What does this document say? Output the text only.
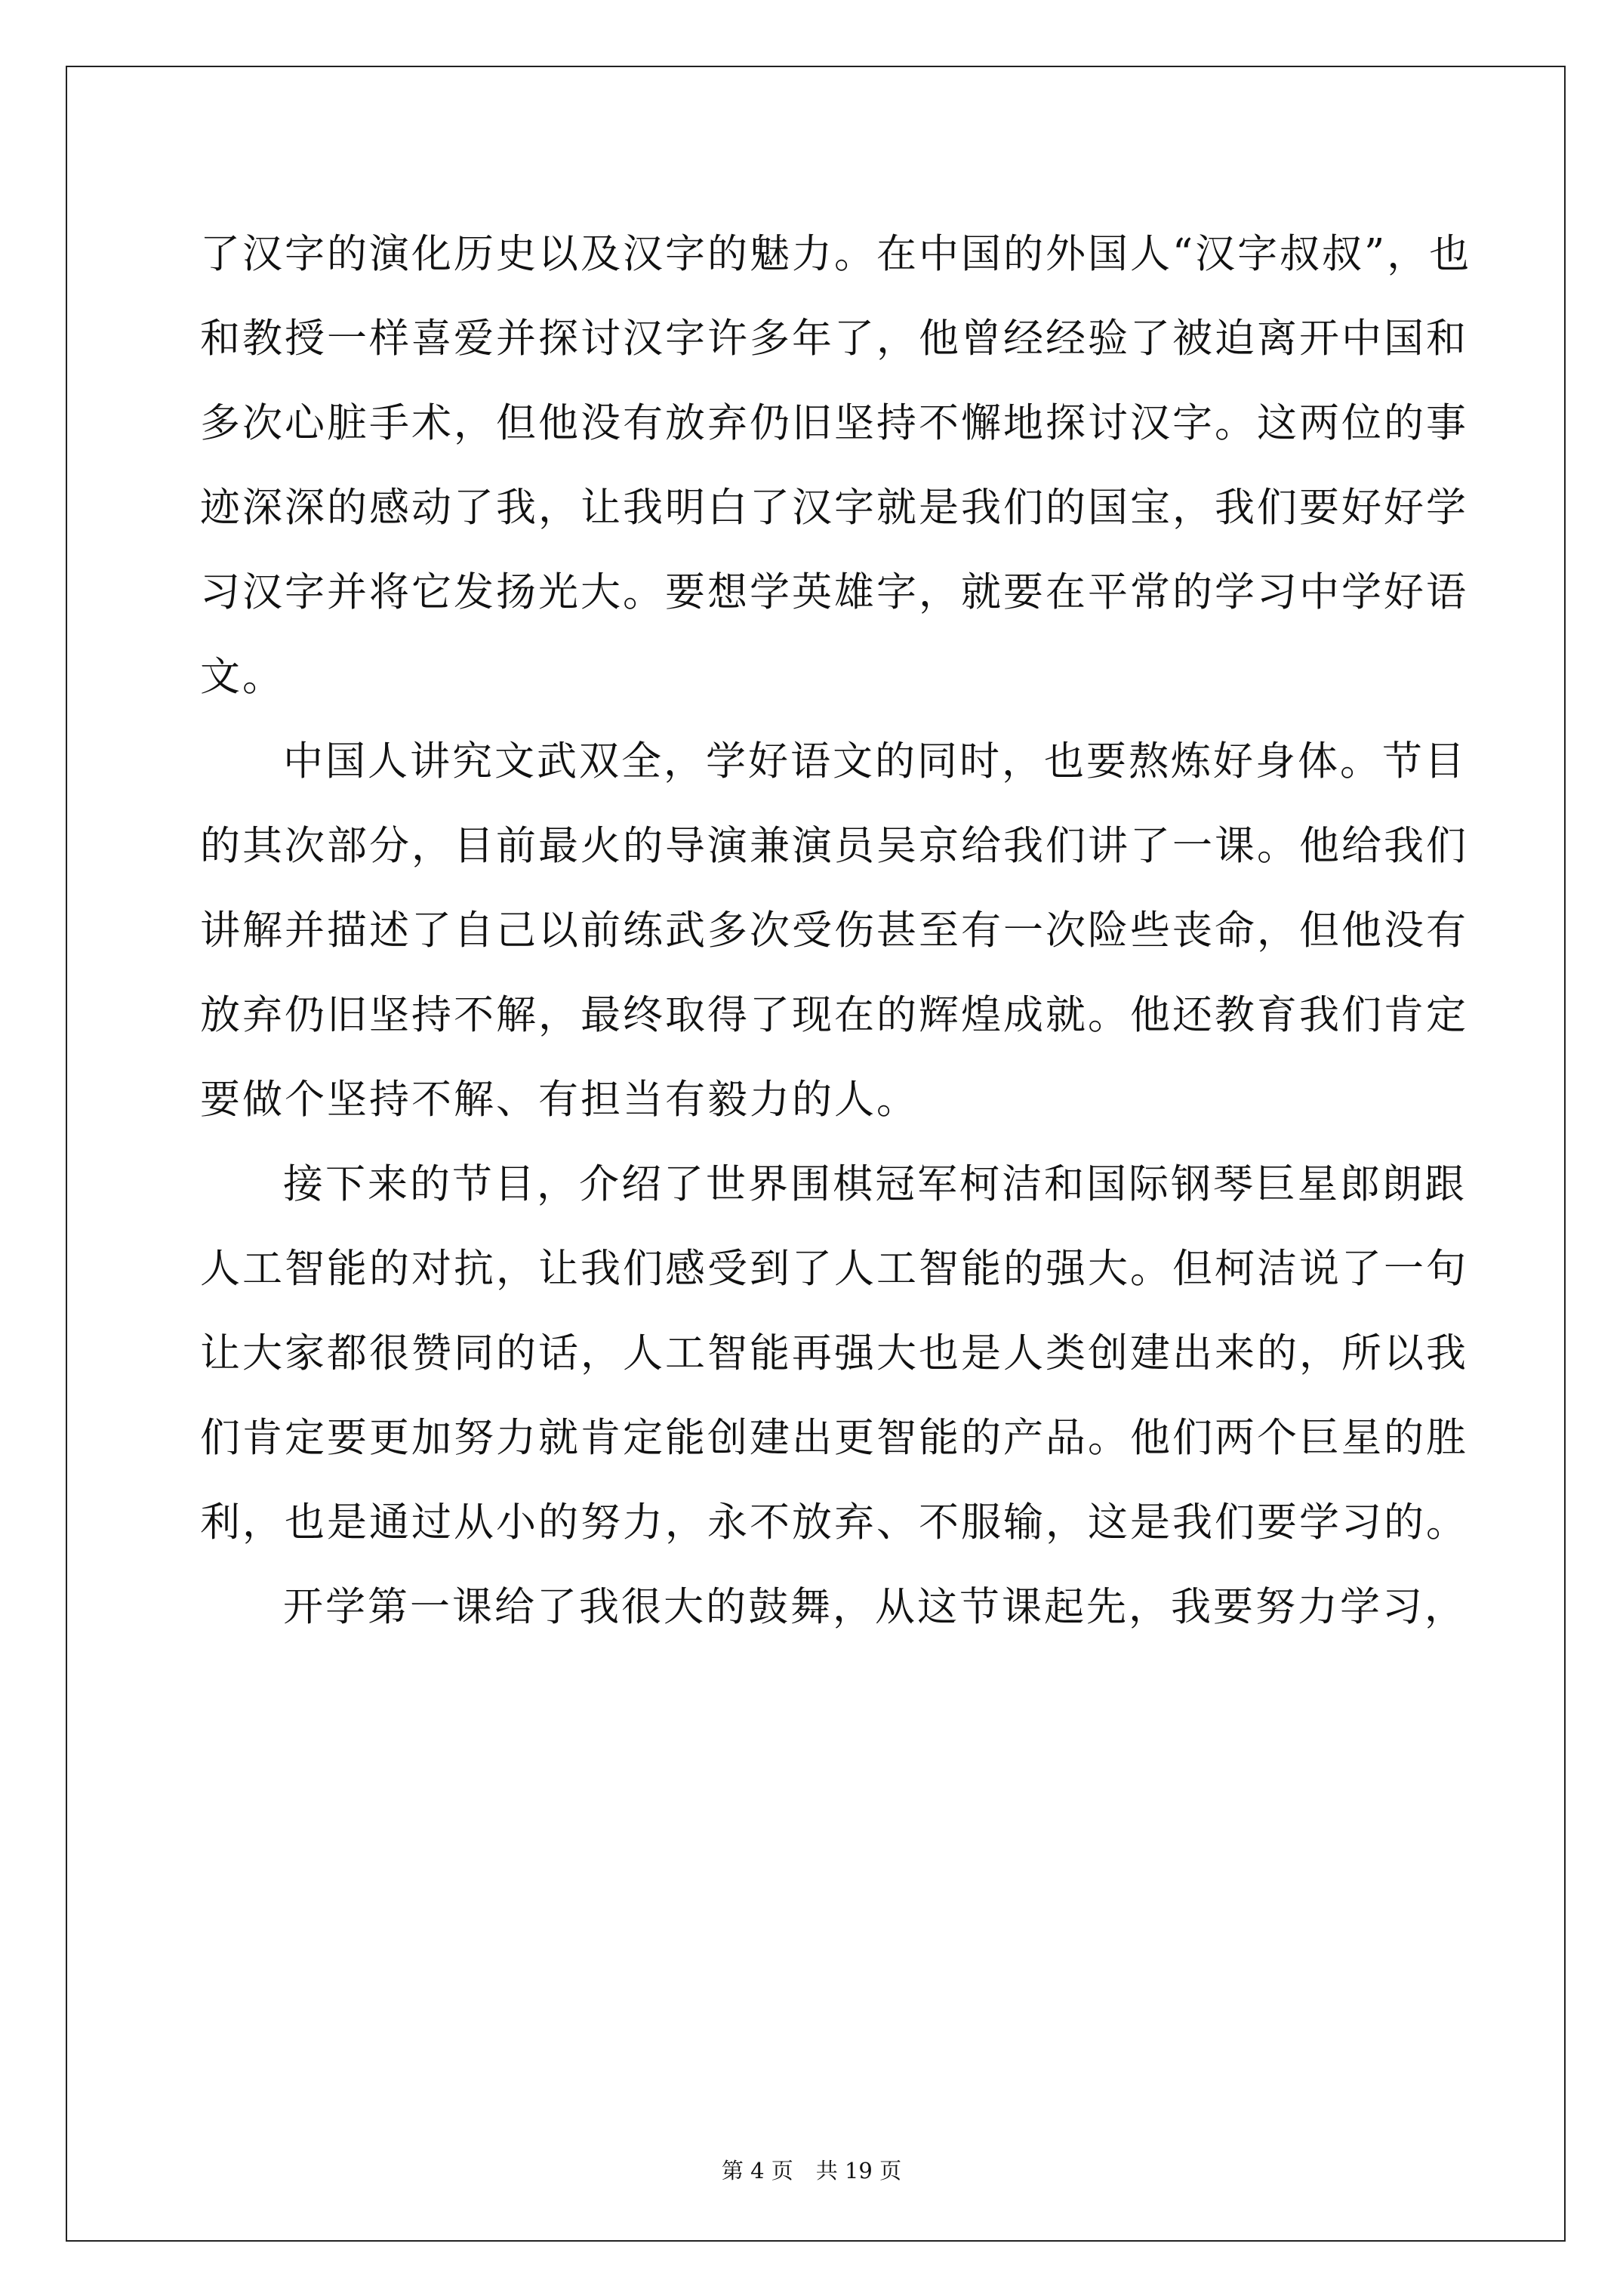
了汉字的演化历史以及汉字的魅力。在中国的外国人“汉字叔叔”，也
和教授一样喜爱并探讨汉字许多年了，他曾经经验了被迫离开中国和
多次心脏手术，但他没有放弃仍旧坚持不懈地探讨汉字。这两位的事
迹深深的感动了我，让我明白了汉字就是我们的国宝，我们要好好学
习汉字并将它发扬光大。要想学英雄字，就要在平常的学习中学好语
文。
中国人讲究文武双全，学好语文的同时，也要熬炼好身体。节目
的其次部分，目前最火的导演兼演员吴京给我们讲了一课。他给我们
讲解并描述了自己以前练武多次受伤甚至有一次险些丧命，但他没有
放弃仍旧坚持不解，最终取得了现在的辉煌成就。他还教育我们肯定
要做个坚持不解、有担当有毅力的人。
接下来的节目，介绍了世界围棋冠军柯洁和国际钢琴巨星郎朗跟
人工智能的对抗，让我们感受到了人工智能的强大。但柯洁说了一句
让大家都很赞同的话，人工智能再强大也是人类创建出来的，所以我
们肯定要更加努力就肯定能创建出更智能的产品。他们两个巨星的胜
利，也是通过从小的努力，永不放弃、不服输，这是我们要学习的。
开学第一课给了我很大的鼓舞，从这节课起先，我要努力学习，
第 4 页 共 19 页
